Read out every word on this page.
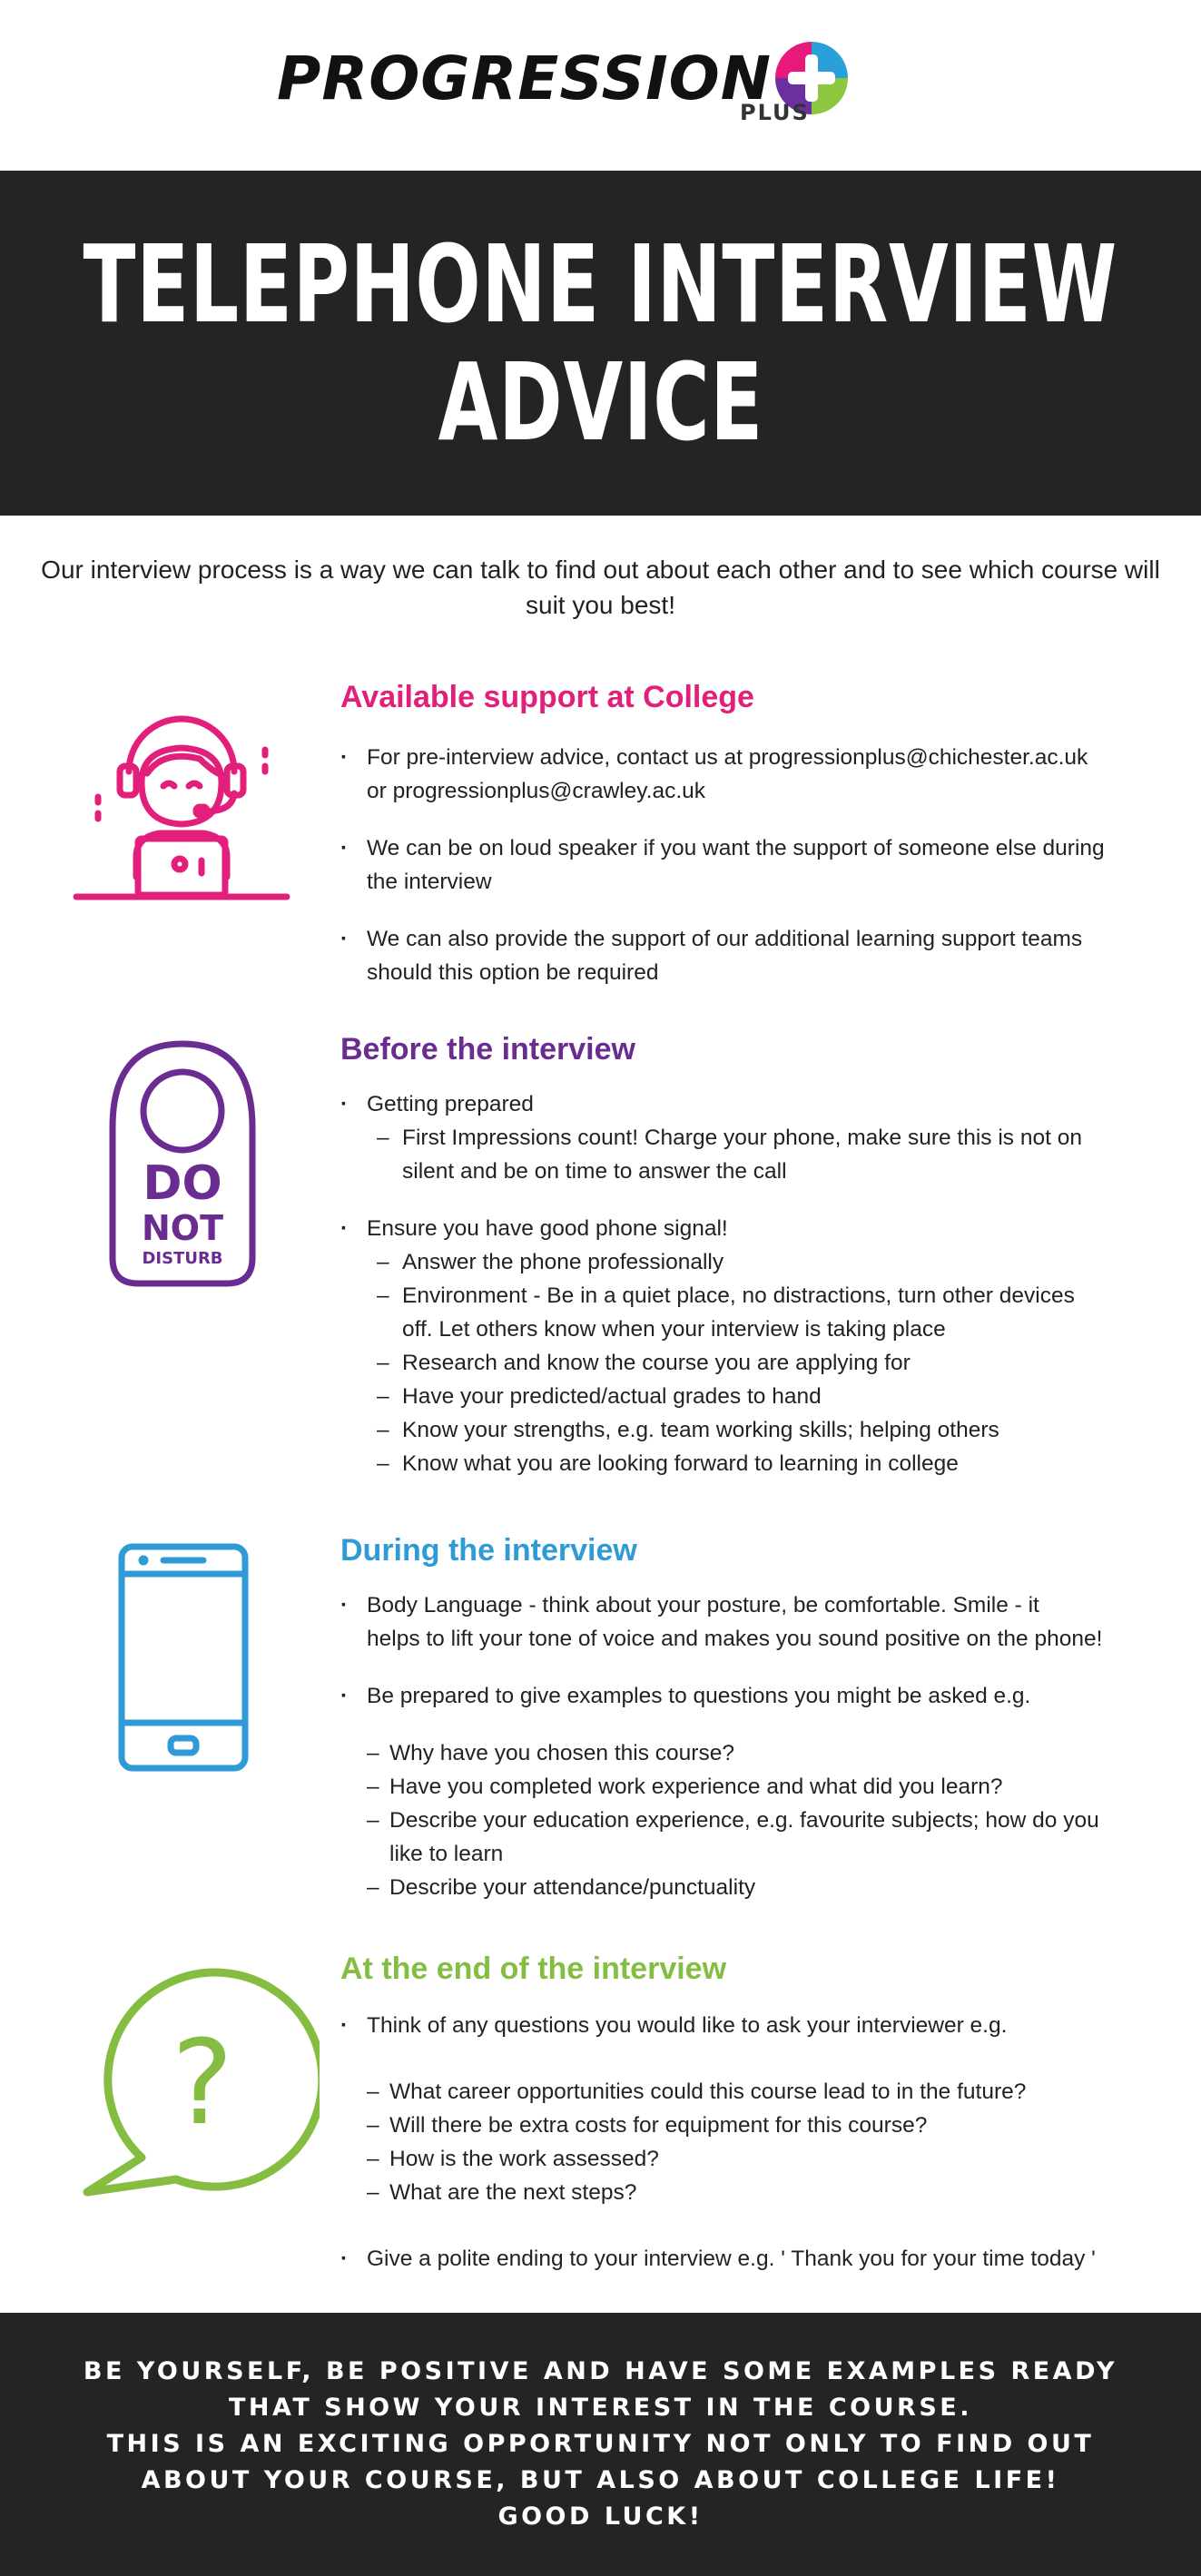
PROGRESSION
PLUS
TELEPHONE INTERVIEW
ADVICE
Our interview process is a way we can talk to find out about each other and to see which course will suit you best!
Available support at College
· For pre-interview advice, contact us at progressionplus@chichester.ac.uk
or progressionplus@crawley.ac.uk
· We can be on loud speaker if you want the support of someone else during
the interview
· We can also provide the support of our additional learning support teams
should this option be required
DO
NOT
DISTURB
Before the interview
· Getting prepared
– First Impressions count! Charge your phone, make sure this is not on
silent and be on time to answer the call
· Ensure you have good phone signal!
– Answer the phone professionally
– Environment - Be in a quiet place, no distractions, turn other devices
off. Let others know when your interview is taking place
– Research and know the course you are applying for
– Have your predicted/actual grades to hand
– Know your strengths, e.g. team working skills; helping others
– Know what you are looking forward to learning in college
During the interview
· Body Language - think about your posture, be comfortable. Smile - it
helps to lift your tone of voice and makes you sound positive on the phone!
· Be prepared to give examples to questions you might be asked e.g.
– Why have you chosen this course?
– Have you completed work experience and what did you learn?
– Describe your education experience, e.g. favourite subjects; how do you
like to learn
– Describe your attendance/punctuality
?
At the end of the interview
· Think of any questions you would like to ask your interviewer e.g.
– What career opportunities could this course lead to in the future?
– Will there be extra costs for equipment for this course?
– How is the work assessed?
– What are the next steps?
· Give a polite ending to your interview e.g. ' Thank you for your time today '
BE YOURSELF, BE POSITIVE AND HAVE SOME EXAMPLES READY
THAT SHOW YOUR INTEREST IN THE COURSE.
THIS IS AN EXCITING OPPORTUNITY NOT ONLY TO FIND OUT
ABOUT YOUR COURSE, BUT ALSO ABOUT COLLEGE LIFE!
GOOD LUCK!
